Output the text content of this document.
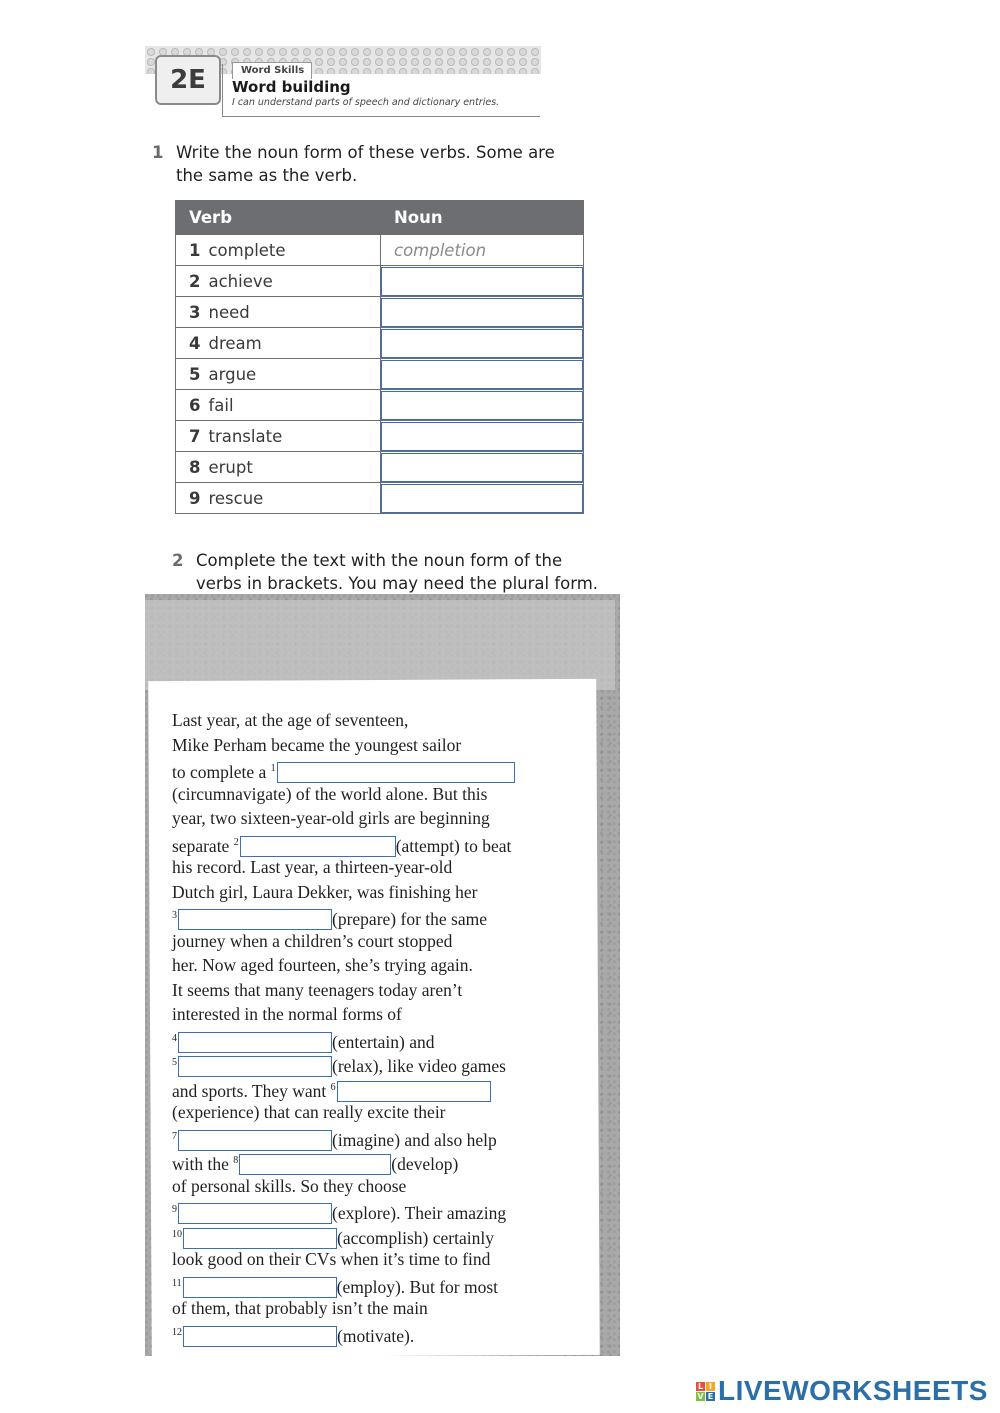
2E	Word Skills
Word building
I can understand parts of speech and dictionary entries.
1 Write the noun form of these verbs. Some are
the same as the verb.
Verb	Noun
1 complete	completion
2 achieve	

3 need	

4 dream	

5 argue	

6 fail	

7 translate	

8 erupt	

9 rescue	
2 Complete the text with the noun form of the
verbs in brackets. You may need the plural form.
Last year, at the age of seventeen,
Mike Perham became the youngest sailor
to complete a $^1$
(circumnavigate) of the world alone. But this
year, two sixteen-year-old girls are beginning
separate $^2$	(attempt) to beat
his record. Last year, a thirteen-year-old
Dutch girl, Laura Dekker, was finishing her
$^3$	(prepare) for the same
journey when a children’s court stopped
her. Now aged fourteen, she’s trying again.
It seems that many teenagers today aren’t
interested in the normal forms of
$^4$	(entertain) and
$^5$	(relax), like video games
and sports. They want $^6$
(experience) that can really excite their
$^7$	(imagine) and also help
with the $^8$	(develop)
of personal skills. So they choose
$^9$	(explore). Their amazing
$^{10}$	(accomplish) certainly
look good on their CVs when it’s time to find
$^{11}$	(employ). But for most
of them, that probably isn’t the main
$^{12}$	(motivate).
L I
V E LIVEWORKSHEETS
